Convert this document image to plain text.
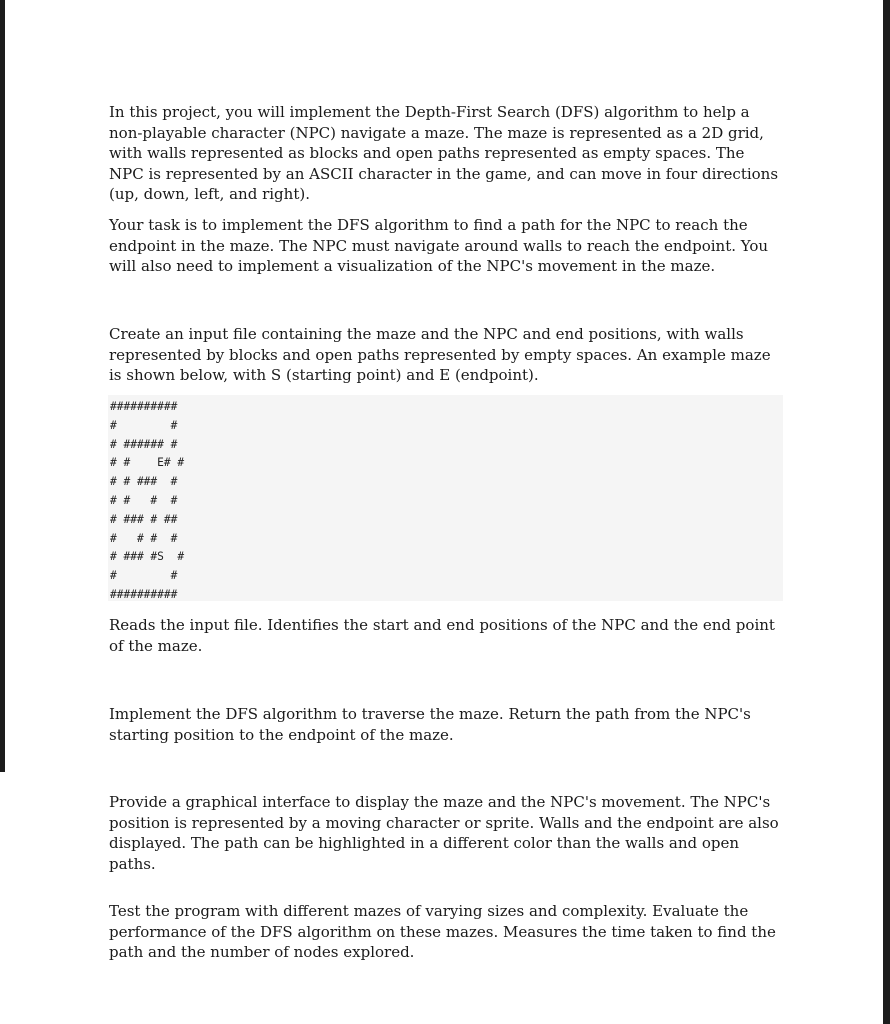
In this project, you will implement the Depth-First Search (DFS) algorithm to help a non-playable character (NPC) navigate a maze. The maze is represented as a 2D grid, with walls represented as blocks and open paths represented as empty spaces. The NPC is represented by an ASCII character in the game, and can move in four directions (up, down, left, and right).

Your task is to implement the DFS algorithm to find a path for the NPC to reach the endpoint in the maze. The NPC must navigate around walls to reach the endpoint. You will also need to implement a visualization of the NPC's movement in the maze.

Create an input file containing the maze and the NPC and end positions, with walls represented by blocks and open paths represented by empty spaces. An example maze is shown below, with S (starting point) and E (endpoint).

##########
#        #
# ###### #
# #    E# #
# # ###  #
# #   #  #
# ### # ##
#   # #  #
# ### #S  #
#        #
##########

Reads the input file. Identifies the start and end positions of the NPC and the end point of the maze.

Implement the DFS algorithm to traverse the maze. Return the path from the NPC's starting position to the endpoint of the maze.

Provide a graphical interface to display the maze and the NPC's movement. The NPC's position is represented by a moving character or sprite. Walls and the endpoint are also displayed. The path can be highlighted in a different color than the walls and open paths.

Test the program with different mazes of varying sizes and complexity. Evaluate the performance of the DFS algorithm on these mazes. Measures the time taken to find the path and the number of nodes explored.
